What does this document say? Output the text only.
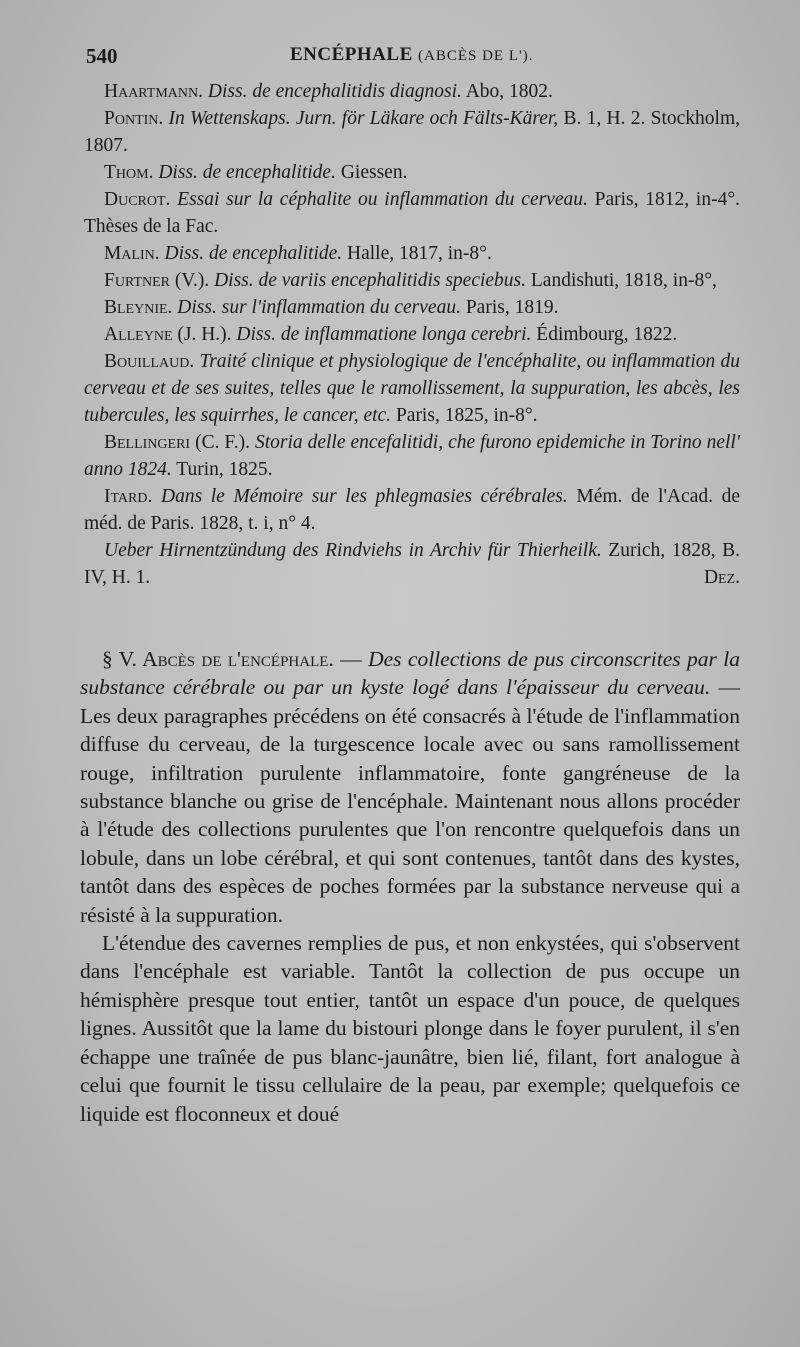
540	ENCÉPHALE (ABCÈS DE L').

Haartmann. Diss. de encephalitidis diagnosi. Abo, 1802.

Pontin. In Wettenskaps. Jurn. för Läkare och Fälts-Kärer, B. 1, H. 2. Stockholm, 1807.

Thom. Diss. de encephalitide. Giessen.

Ducrot. Essai sur la céphalite ou inflammation du cerveau. Paris, 1812, in-4°. Thèses de la Fac.

Malin. Diss. de encephalitide. Halle, 1817, in-8°.

Furtner (V.). Diss. de variis encephalitidis speciebus. Landishuti, 1818, in-8°,

Bleynie. Diss. sur l'inflammation du cerveau. Paris, 1819.

Alleyne (J. H.). Diss. de inflammatione longa cerebri. Édimbourg, 1822.

Bouillaud. Traité clinique et physiologique de l'encéphalite, ou inflammation du cerveau et de ses suites, telles que le ramollissement, la suppuration, les abcès, les tubercules, les squirrhes, le cancer, etc. Paris, 1825, in-8°.

Bellingeri (C. F.). Storia delle encefalitidi, che furono epidemiche in Torino nell' anno 1824. Turin, 1825.

Itard. Dans le Mémoire sur les phlegmasies cérébrales. Mém. de l'Acad. de méd. de Paris. 1828, t. i, n° 4.

Ueber Hirnentzündung des Rindviehs in Archiv für Thierheilk. Zurich, 1828, B. IV, H. 1.	Dez.

§ V. Abcès de l'encéphale. — Des collections de pus circonscrites par la substance cérébrale ou par un kyste logé dans l'épaisseur du cerveau. — Les deux paragraphes précédens on été consacrés à l'étude de l'inflammation diffuse du cerveau, de la turgescence locale avec ou sans ramollissement rouge, infiltration purulente inflammatoire, fonte gangréneuse de la substance blanche ou grise de l'encéphale. Maintenant nous allons procéder à l'étude des collections purulentes que l'on rencontre quelquefois dans un lobule, dans un lobe cérébral, et qui sont contenues, tantôt dans des kystes, tantôt dans des espèces de poches formées par la substance nerveuse qui a résisté à la suppuration.

L'étendue des cavernes remplies de pus, et non enkystées, qui s'observent dans l'encéphale est variable. Tantôt la collection de pus occupe un hémisphère presque tout entier, tantôt un espace d'un pouce, de quelques lignes. Aussitôt que la lame du bistouri plonge dans le foyer purulent, il s'en échappe une traînée de pus blanc-jaunâtre, bien lié, filant, fort analogue à celui que fournit le tissu cellulaire de la peau, par exemple; quelquefois ce liquide est floconneux et doué
